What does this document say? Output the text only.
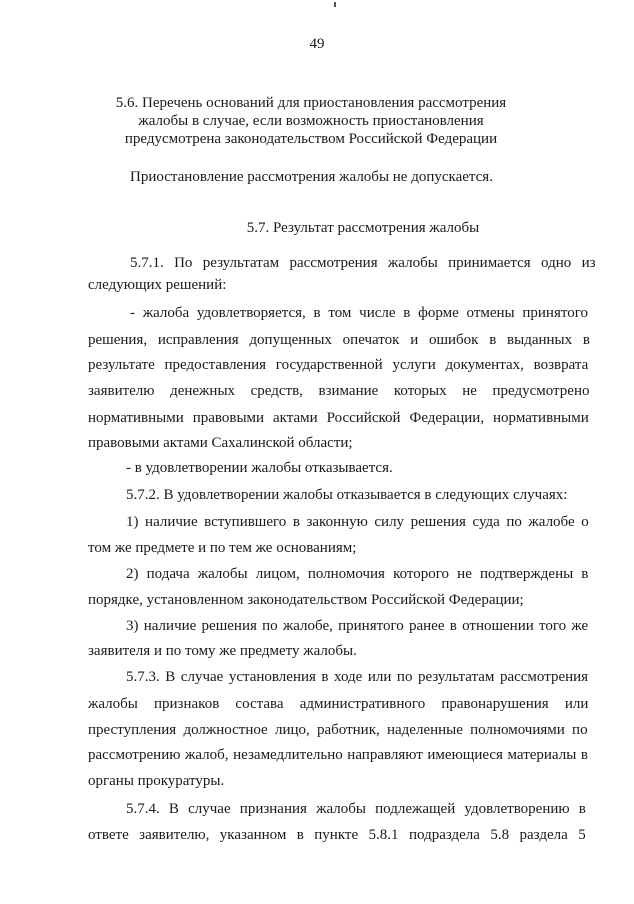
49
5.6. Перечень оснований для приостановления рассмотрения
жалобы в случае, если возможность приостановления
предусмотрена законодательством Российской Федерации
Приостановление рассмотрения жалобы не допускается.
5.7. Результат рассмотрения жалобы
5.7.1. По результатам рассмотрения жалобы принимается одно из
следующих решений:
- жалоба удовлетворяется, в том числе в форме отмены принятого
решения, исправления допущенных опечаток и ошибок в выданных в
результате предоставления государственной услуги документах, возврата
заявителю денежных средств, взимание которых не предусмотрено
нормативными правовыми актами Российской Федерации, нормативными
правовыми актами Сахалинской области;
- в удовлетворении жалобы отказывается.
5.7.2. В удовлетворении жалобы отказывается в следующих случаях:
1) наличие вступившего в законную силу решения суда по жалобе о
том же предмете и по тем же основаниям;
2) подача жалобы лицом, полномочия которого не подтверждены в
порядке, установленном законодательством Российской Федерации;
3) наличие решения по жалобе, принятого ранее в отношении того же
заявителя и по тому же предмету жалобы.
5.7.3. В случае установления в ходе или по результатам рассмотрения
жалобы признаков состава административного правонарушения или
преступления должностное лицо, работник, наделенные полномочиями по
рассмотрению жалоб, незамедлительно направляют имеющиеся материалы в
органы прокуратуры.
5.7.4. В случае признания жалобы подлежащей удовлетворению в
ответе заявителю, указанном в пункте 5.8.1 подраздела 5.8 раздела 5
